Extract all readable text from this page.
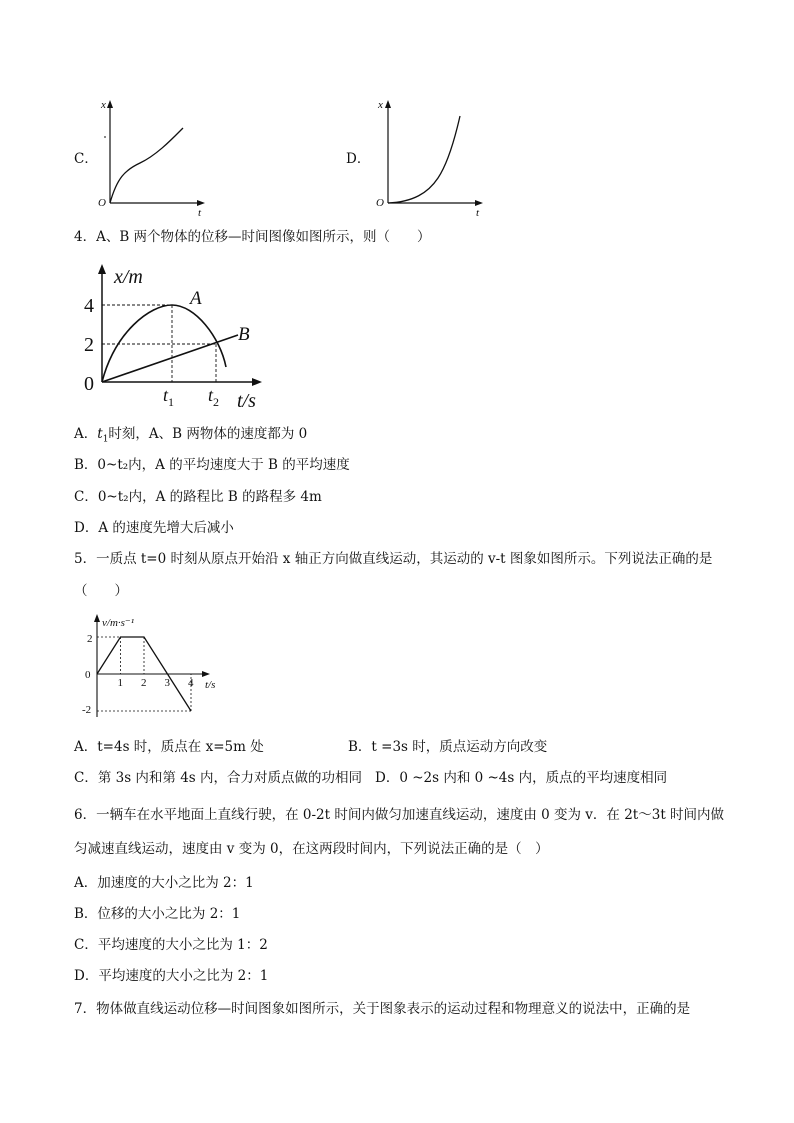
C．
x
O
t
D．
x
O
t
4．A、B 两个物体的位移—时间图像如图所示，则（　　）
x/m
4
2
0
A
B
$t_1$ $t_2$ t/s
A．$t_1$时刻，A、B 两物体的速度都为 0
B．0~t₂内，A 的平均速度大于 B 的平均速度
C．0~t₂内，A 的路程比 B 的路程多 4m
D．A 的速度先增大后减小
5．一质点 t=0 时刻从原点开始沿 x 轴正方向做直线运动，其运动的 v-t 图象如图所示。下列说法正确的是
（　　）
1 2 3 4
v/m·s⁻¹
0
2
-2
t/s
A．t=4s 时，质点在 x=5m 处	B．t =3s 时，质点运动方向改变
C．第 3s 内和第 4s 内，合力对质点做的功相同 D．0 ~2s 内和 0 ~4s 内，质点的平均速度相同
6．一辆车在水平地面上直线行驶，在 0-2t 时间内做匀加速直线运动，速度由 0 变为 v．在 2t～3t 时间内做
匀减速直线运动，速度由 v 变为 0，在这两段时间内，下列说法正确的是（　）
A．加速度的大小之比为 2：1
B．位移的大小之比为 2：1
C．平均速度的大小之比为 1：2
D．平均速度的大小之比为 2：1
7．物体做直线运动位移—时间图象如图所示，关于图象表示的运动过程和物理意义的说法中，正确的是
